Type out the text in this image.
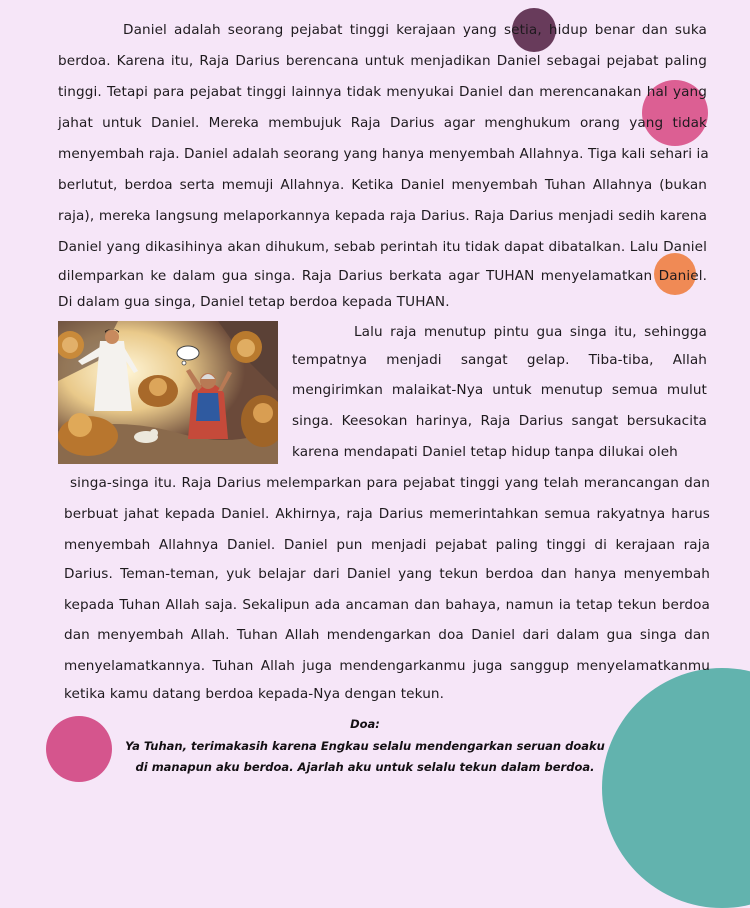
Daniel adalah seorang pejabat tinggi kerajaan yang setia, hidup benar dan suka
berdoa. Karena itu, Raja Darius berencana untuk menjadikan Daniel sebagai pejabat paling
tinggi. Tetapi para pejabat tinggi lainnya tidak menyukai Daniel dan merencanakan hal yang
jahat untuk Daniel. Mereka membujuk Raja Darius agar menghukum orang yang tidak
menyembah raja. Daniel adalah seorang yang hanya menyembah Allahnya. Tiga kali sehari ia
berlutut, berdoa serta memuji Allahnya. Ketika Daniel menyembah Tuhan Allahnya (bukan
raja), mereka langsung melaporkannya kepada raja Darius. Raja Darius menjadi sedih karena
Daniel yang dikasihinya akan dihukum, sebab perintah itu tidak dapat dibatalkan. Lalu Daniel
dilemparkan ke dalam gua singa. Raja Darius berkata agar TUHAN menyelamatkan Daniel.
Di dalam gua singa, Daniel tetap berdoa kepada TUHAN.
Lalu raja menutup pintu gua singa itu, sehingga
tempatnya menjadi sangat gelap. Tiba-tiba, Allah
mengirimkan malaikat-Nya untuk menutup semua mulut
singa. Keesokan harinya, Raja Darius sangat bersukacita
karena mendapati Daniel tetap hidup tanpa dilukai oleh
singa-singa itu. Raja Darius melemparkan para pejabat tinggi yang telah merancangan dan
berbuat jahat kepada Daniel. Akhirnya, raja Darius memerintahkan semua rakyatnya harus
menyembah Allahnya Daniel. Daniel pun menjadi pejabat paling tinggi di kerajaan raja
Darius. Teman-teman, yuk belajar dari Daniel yang tekun berdoa dan hanya menyembah
kepada Tuhan Allah saja. Sekalipun ada ancaman dan bahaya, namun ia tetap tekun berdoa
dan menyembah Allah. Tuhan Allah mendengarkan doa Daniel dari dalam gua singa dan
menyelamatkannya. Tuhan Allah juga mendengarkanmu juga sanggup menyelamatkanmu
ketika kamu datang berdoa kepada-Nya dengan tekun.
Doa:
Ya Tuhan, terimakasih karena Engkau selalu mendengarkan seruan doaku
di manapun aku berdoa. Ajarlah aku untuk selalu tekun dalam berdoa.
